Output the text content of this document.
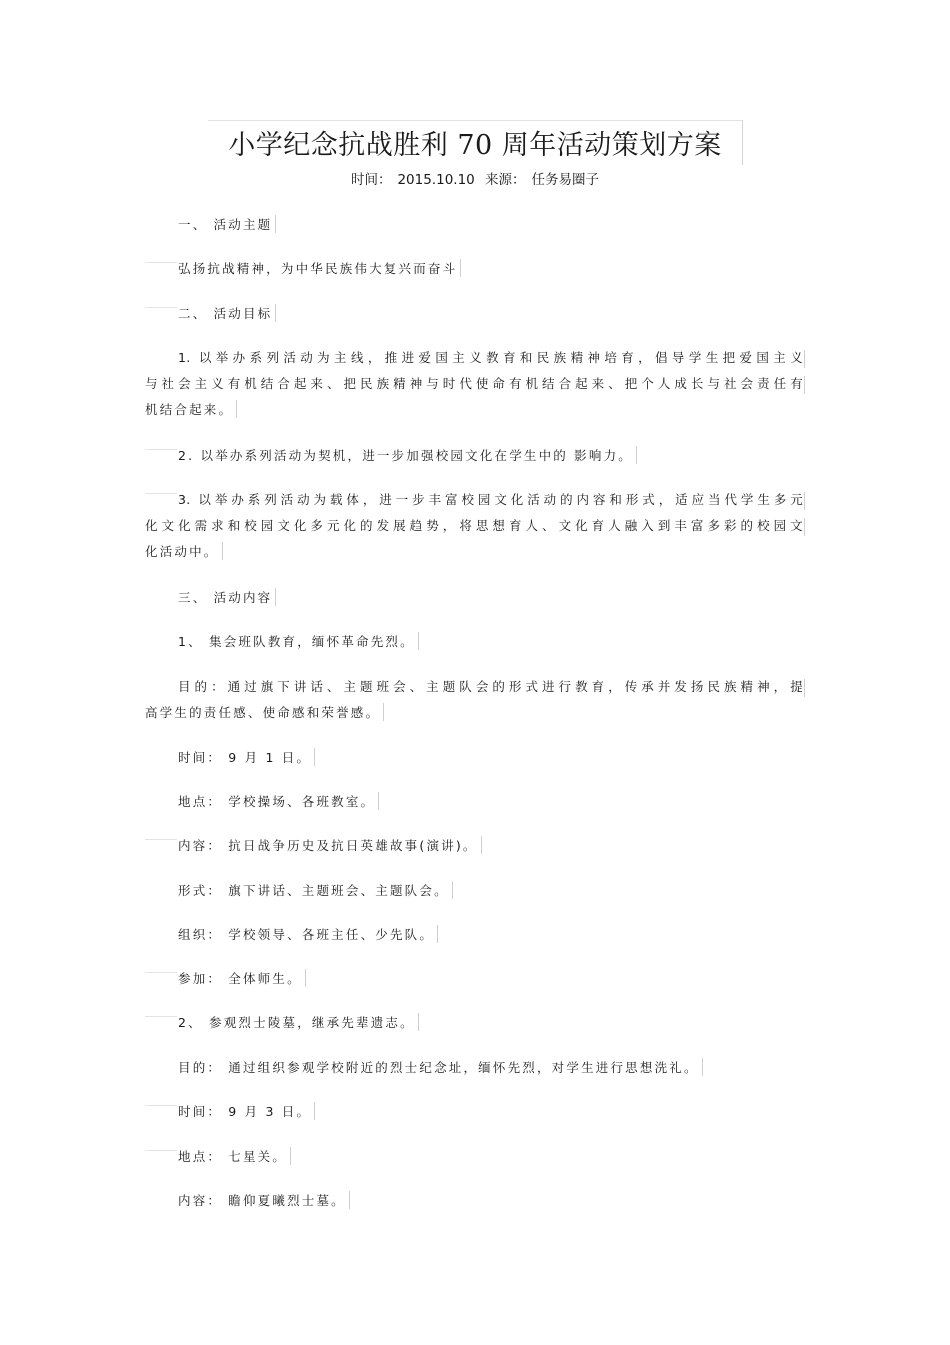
小学纪念抗战胜利 70 周年活动策划方案
时间： 2015.10.10 来源： 任务易圈子
一、 活动主题
弘扬抗战精神，为中华民族伟大复兴而奋斗
二、 活动目标
1. 以举办系列活动为主线，推进爱国主义教育和民族精神培育，倡导学生把爱国主义
与社会主义有机结合起来、把民族精神与时代使命有机结合起来、把个人成长与社会责任有
机结合起来。
2. 以举办系列活动为契机，进一步加强校园文化在学生中的 影响力。
3. 以举办系列活动为载体，进一步丰富校园文化活动的内容和形式，适应当代学生多元
化文化需求和校园文化多元化的发展趋势，将思想育人、文化育人融入到丰富多彩的校园文
化活动中。
三、 活动内容
1、 集会班队教育，缅怀革命先烈。
目的：通过旗下讲话、主题班会、主题队会的形式进行教育，传承并发扬民族精神，提
高学生的责任感、使命感和荣誉感。
时间： 9 月 1 日。
地点： 学校操场、各班教室。
内容： 抗日战争历史及抗日英雄故事(演讲)。
形式： 旗下讲话、主题班会、主题队会。
组织： 学校领导、各班主任、少先队。
参加： 全体师生。
2、 参观烈士陵墓，继承先辈遗志。
目的： 通过组织参观学校附近的烈士纪念址，缅怀先烈，对学生进行思想洗礼。
时间： 9 月 3 日。
地点： 七星关。
内容： 瞻仰夏曦烈士墓。
